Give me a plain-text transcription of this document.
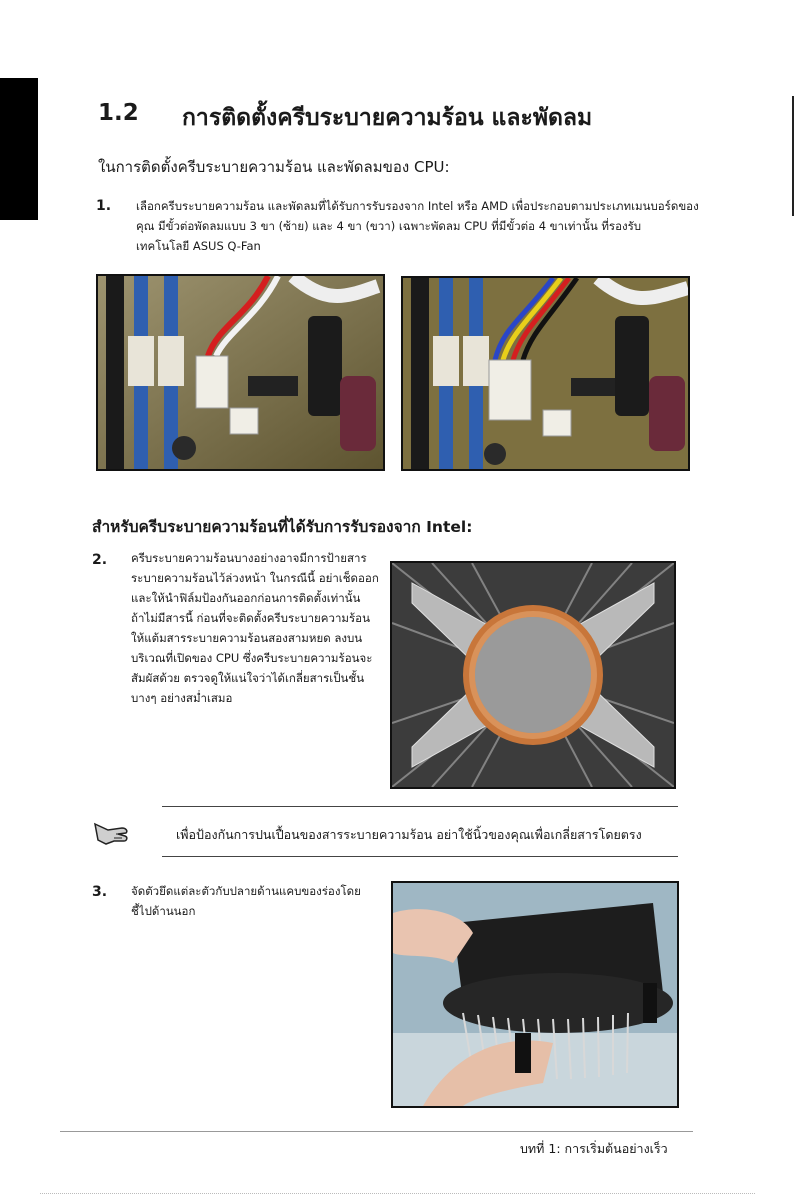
1.2 การติดตั้งครีบระบายความร้อน และพัดลม
ในการติดตั้งครีบระบายความร้อน และพัดลมของ CPU:
1. เลือกครีบระบายความร้อน และพัดลมที่ได้รับการรับรองจาก Intel หรือ AMD เพื่อประกอบตามประเภทเมนบอร์ดของ
คุณ มีขั้วต่อพัดลมแบบ 3 ขา (ซ้าย) และ 4 ขา (ขวา) เฉพาะพัดลม CPU ที่มีขั้วต่อ 4 ขาเท่านั้น ที่รองรับ
เทคโนโลยี ASUS Q-Fan
สำหรับครีบระบายความร้อนที่ได้รับการรับรองจาก Intel:
2. ครีบระบายความร้อนบางอย่างอาจมีการป้ายสาร
ระบายความร้อนไว้ล่วงหน้า ในกรณีนี้ อย่าเช็ดออก
และให้นำฟิล์มป้องกันออกก่อนการติดตั้งเท่านั้น
ถ้าไม่มีสารนี้ ก่อนที่จะติดตั้งครีบระบายความร้อน
ให้แต้มสารระบายความร้อนสองสามหยด ลงบน
บริเวณที่เปิดของ CPU ซึ่งครีบระบายความร้อนจะ
สัมผัสด้วย ตรวจดูให้แน่ใจว่าได้เกลี่ยสารเป็นชั้น
บางๆ อย่างสม่ำเสมอ
เพื่อป้องกันการปนเปื้อนของสารระบายความร้อน อย่าใช้นิ้วของคุณเพื่อเกลี่ยสารโดยตรง
3. จัดตัวยึดแต่ละตัวกับปลายด้านแคบของร่องโดย
ชี้ไปด้านนอก
บทที่ 1: การเริ่มต้นอย่างเร็ว
